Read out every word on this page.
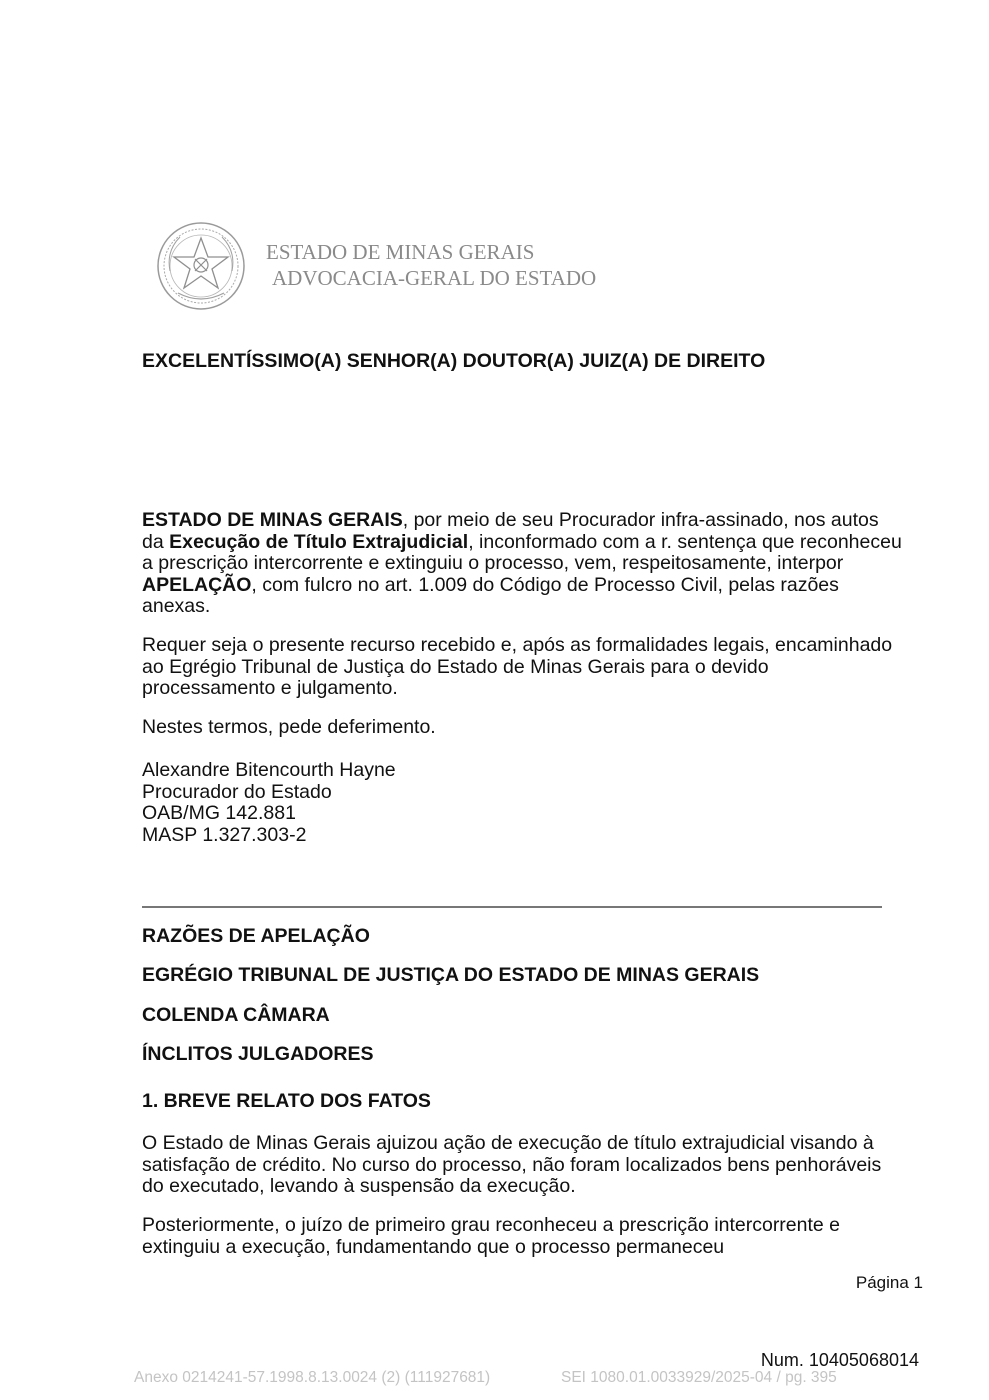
ESTADO DE MINAS GERAIS
ADVOCACIA-GERAL DO ESTADO
EXCELENTÍSSIMO(A) SENHOR(A) DOUTOR(A) JUIZ(A) DE DIREITO
ESTADO DE MINAS GERAIS, por meio de seu Procurador infra-assinado, nos autos da Execução de Título Extrajudicial, inconformado com a r. sentença que reconheceu a prescrição intercorrente e extinguiu o processo, vem, respeitosamente, interpor APELAÇÃO, com fulcro no art. 1.009 do Código de Processo Civil, pelas razões anexas.
Requer seja o presente recurso recebido e, após as formalidades legais, encaminhado ao Egrégio Tribunal de Justiça do Estado de Minas Gerais para o devido processamento e julgamento.
Nestes termos, pede deferimento.
Alexandre Bitencourth Hayne
Procurador do Estado
OAB/MG 142.881
MASP 1.327.303-2
RAZÕES DE APELAÇÃO
EGRÉGIO TRIBUNAL DE JUSTIÇA DO ESTADO DE MINAS GERAIS
COLENDA CÂMARA
ÍNCLITOS JULGADORES
1. BREVE RELATO DOS FATOS
O Estado de Minas Gerais ajuizou ação de execução de título extrajudicial visando à satisfação de crédito. No curso do processo, não foram localizados bens penhoráveis do executado, levando à suspensão da execução.
Posteriormente, o juízo de primeiro grau reconheceu a prescrição intercorrente e extinguiu a execução, fundamentando que o processo permaneceu
Página 1
Num. 10405068014
Anexo 0214241-57.1998.8.13.0024 (2) (111927681)	SEI 1080.01.0033929/2025-04 / pg. 395
